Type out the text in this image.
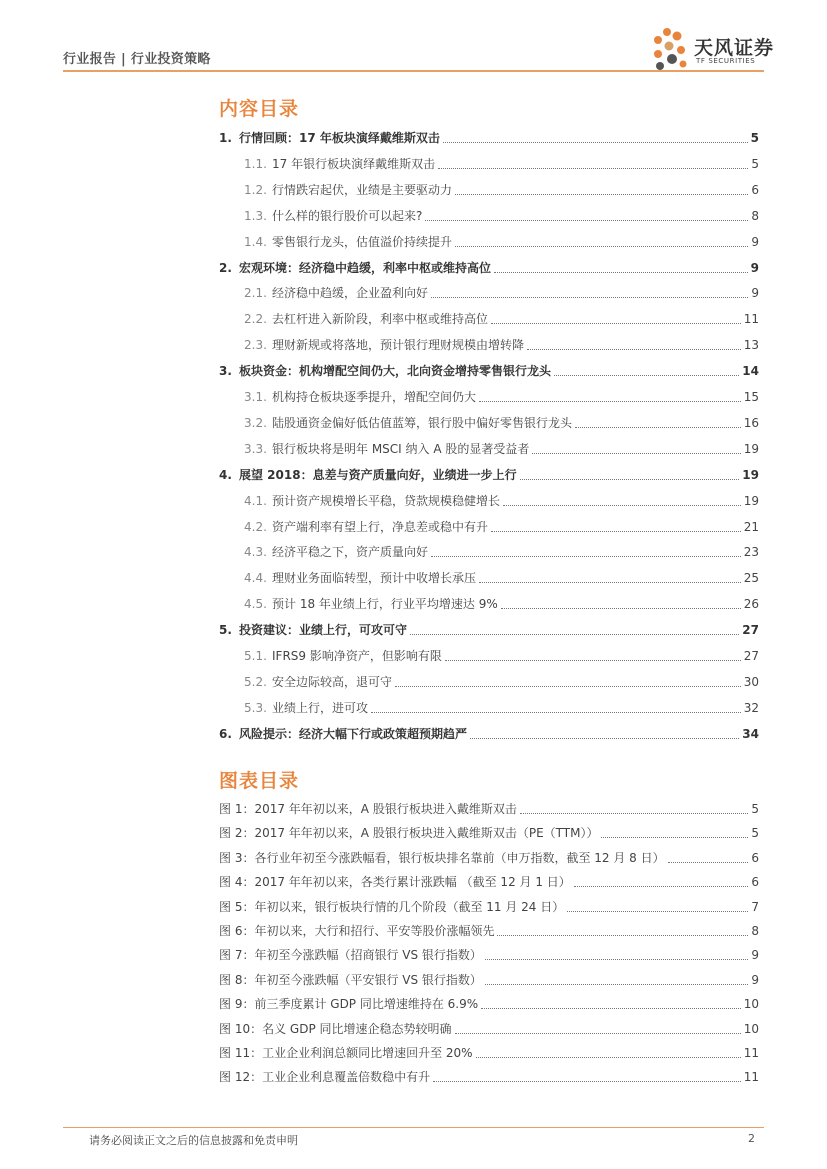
行业报告 | 行业投资策略
天风证券
TF SECURITIES
内容目录
1. 行情回顾：17 年板块演绎戴维斯双击	5
1.1. 17 年银行板块演绎戴维斯双击	5
1.2. 行情跌宕起伏，业绩是主要驱动力	6
1.3. 什么样的银行股价可以起来?	8
1.4. 零售银行龙头，估值溢价持续提升	9
2. 宏观环境：经济稳中趋缓，利率中枢或维持高位	9
2.1. 经济稳中趋缓，企业盈利向好	9
2.2. 去杠杆进入新阶段，利率中枢或维持高位	11
2.3. 理财新规或将落地，预计银行理财规模由增转降	13
3. 板块资金：机构增配空间仍大，北向资金增持零售银行龙头	14
3.1. 机构持仓板块逐季提升，增配空间仍大	15
3.2. 陆股通资金偏好低估值蓝筹，银行股中偏好零售银行龙头	16
3.3. 银行板块将是明年 MSCI 纳入 A 股的显著受益者	19
4. 展望 2018：息差与资产质量向好，业绩进一步上行	19
4.1. 预计资产规模增长平稳，贷款规模稳健增长	19
4.2. 资产端利率有望上行，净息差或稳中有升	21
4.3. 经济平稳之下，资产质量向好	23
4.4. 理财业务面临转型，预计中收增长承压	25
4.5. 预计 18 年业绩上行，行业平均增速达 9%	26
5. 投资建议：业绩上行，可攻可守	27
5.1. IFRS9 影响净资产，但影响有限	27
5.2. 安全边际较高，退可守	30
5.3. 业绩上行，进可攻	32
6. 风险提示：经济大幅下行或政策超预期趋严	34
图表目录
图 1：2017 年年初以来，A 股银行板块进入戴维斯双击	5
图 2：2017 年年初以来，A 股银行板块进入戴维斯双击（PE（TTM））	5
图 3：各行业年初至今涨跌幅看，银行板块排名靠前（申万指数，截至 12 月 8 日）	6
图 4：2017 年年初以来，各类行累计涨跌幅 （截至 12 月 1 日）	6
图 5：年初以来，银行板块行情的几个阶段（截至 11 月 24 日）	7
图 6：年初以来，大行和招行、平安等股价涨幅领先	8
图 7：年初至今涨跌幅（招商银行 VS 银行指数）	9
图 8：年初至今涨跌幅（平安银行 VS 银行指数）	9
图 9：前三季度累计 GDP 同比增速维持在 6.9%	10
图 10：名义 GDP 同比增速企稳态势较明确	10
图 11：工业企业利润总额同比增速回升至 20%	11
图 12：工业企业利息覆盖倍数稳中有升	11
请务必阅读正文之后的信息披露和免责申明	2
